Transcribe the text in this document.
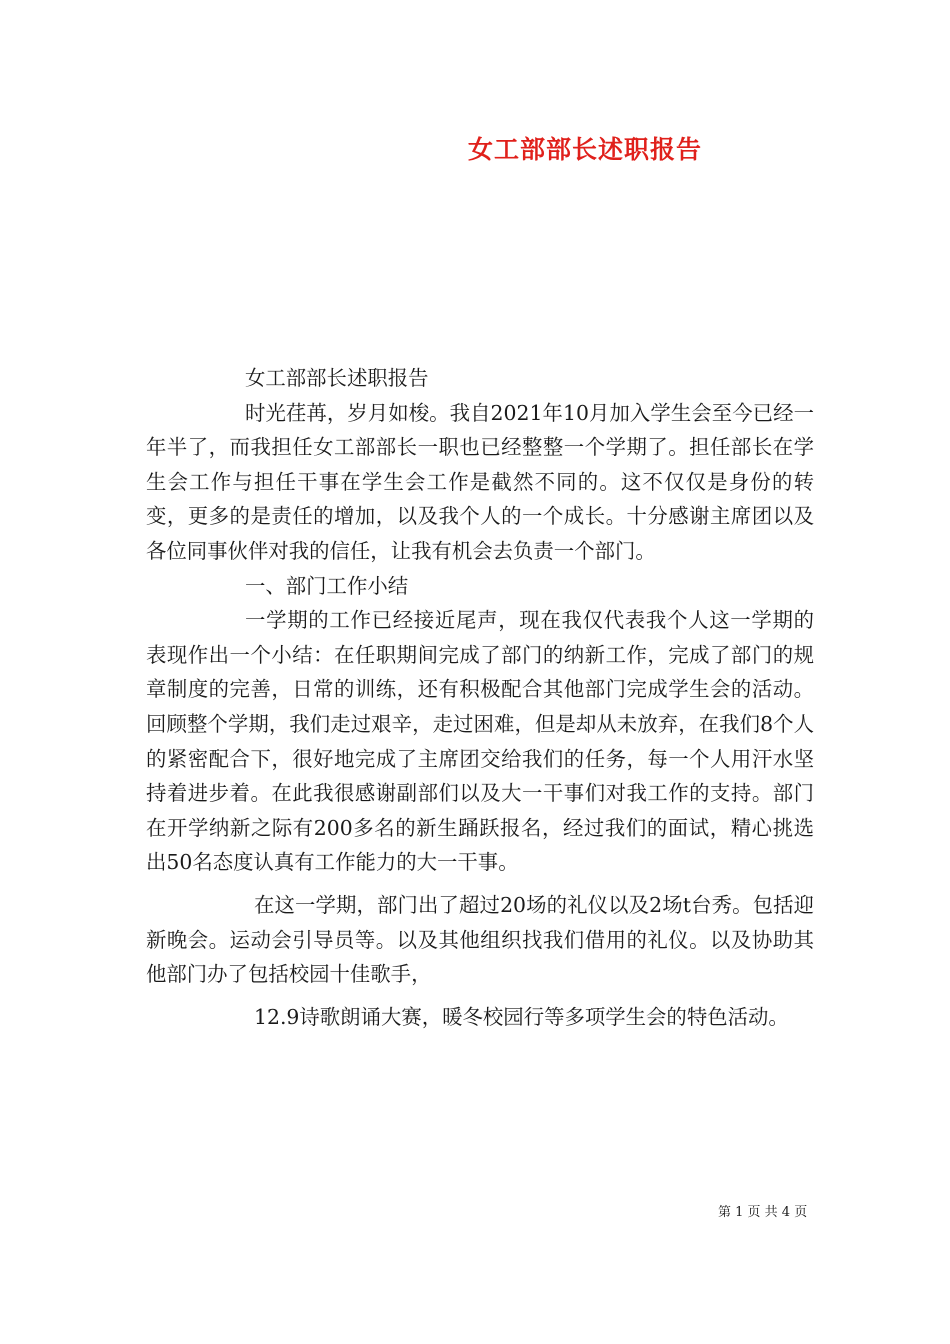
女工部部长述职报告

女工部部长述职报告

时光荏苒，岁月如梭。我自2021年10月加入学生会至今已经一年半了，而我担任女工部部长一职也已经整整一个学期了。担任部长在学生会工作与担任干事在学生会工作是截然不同的。这不仅仅是身份的转变，更多的是责任的增加，以及我个人的一个成长。十分感谢主席团以及各位同事伙伴对我的信任，让我有机会去负责一个部门。

一、部门工作小结

一学期的工作已经接近尾声，现在我仅代表我个人这一学期的表现作出一个小结：在任职期间完成了部门的纳新工作，完成了部门的规章制度的完善，日常的训练，还有积极配合其他部门完成学生会的活动。回顾整个学期，我们走过艰辛，走过困难，但是却从未放弃，在我们8个人的紧密配合下，很好地完成了主席团交给我们的任务，每一个人用汗水坚持着进步着。在此我很感谢副部们以及大一干事们对我工作的支持。部门在开学纳新之际有200多名的新生踊跃报名，经过我们的面试，精心挑选出50名态度认真有工作能力的大一干事。

在这一学期，部门出了超过20场的礼仪以及2场t台秀。包括迎新晚会。运动会引导员等。以及其他组织找我们借用的礼仪。以及协助其他部门办了包括校园十佳歌手，

12.9诗歌朗诵大赛，暖冬校园行等多项学生会的特色活动。

第 1 页 共 4 页
